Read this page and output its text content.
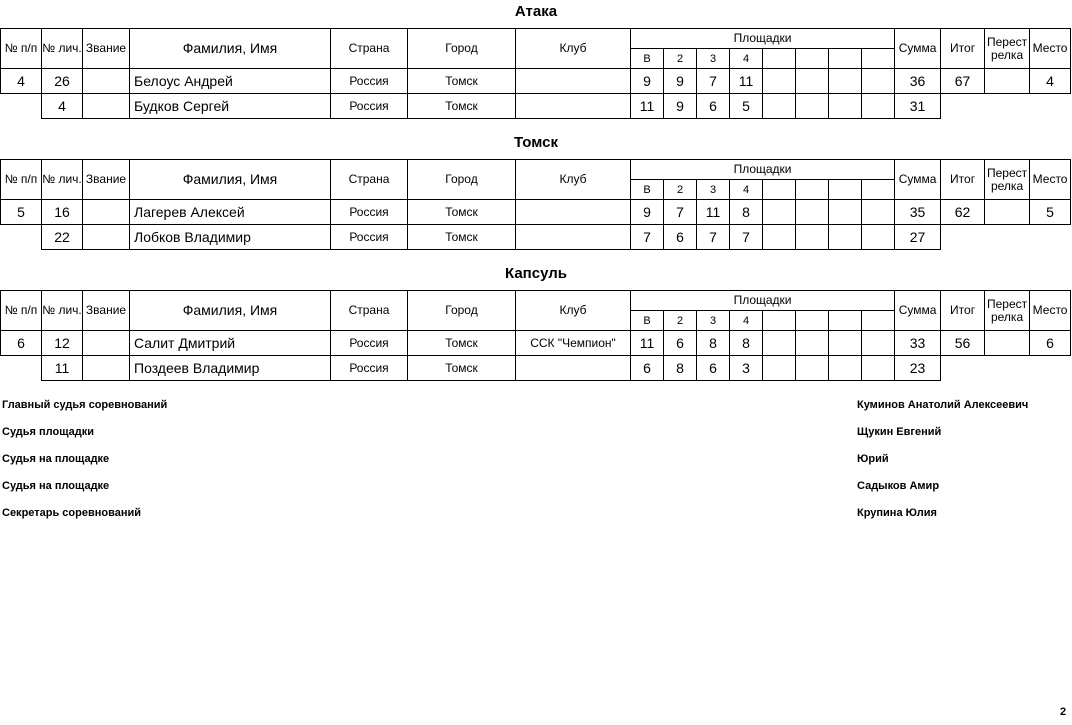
Атака
№ п/п	№ лич.	Звание	Фамилия, Имя	Страна	Город	Клуб	Площадки								Сумма	Итог	Перест релка	Место
							В	2	3	4								
4	26		Белоус Андрей	Россия	Томск		9	9	7	11					36	67		4
	4		Будков Сергей	Россия	Томск		11	9	6	5					31			
Томск
№ п/п	№ лич.	Звание	Фамилия, Имя	Страна	Город	Клуб	Площадки								Сумма	Итог	Перест релка	Место
							В	2	3	4								
5	16		Лагерев Алексей	Россия	Томск		9	7	11	8					35	62		5
	22		Лобков Владимир	Россия	Томск		7	6	7	7					27			
Капсуль
№ п/п	№ лич.	Звание	Фамилия, Имя	Страна	Город	Клуб	Площадки								Сумма	Итог	Перест релка	Место
							В	2	3	4								
6	12		Салит Дмитрий	Россия	Томск	ССК "Чемпион"	11	6	8	8					33	56		6
	11		Поздеев Владимир	Россия	Томск		6	8	6	3					23			
Главный судья соревнований	Куминов Анатолий Алексеевич
Судья площадки	Щукин Евгений
Судья на площадке	Юрий
Судья на площадке	Садыков Амир
Секретарь соревнований	Крупина Юлия
2
